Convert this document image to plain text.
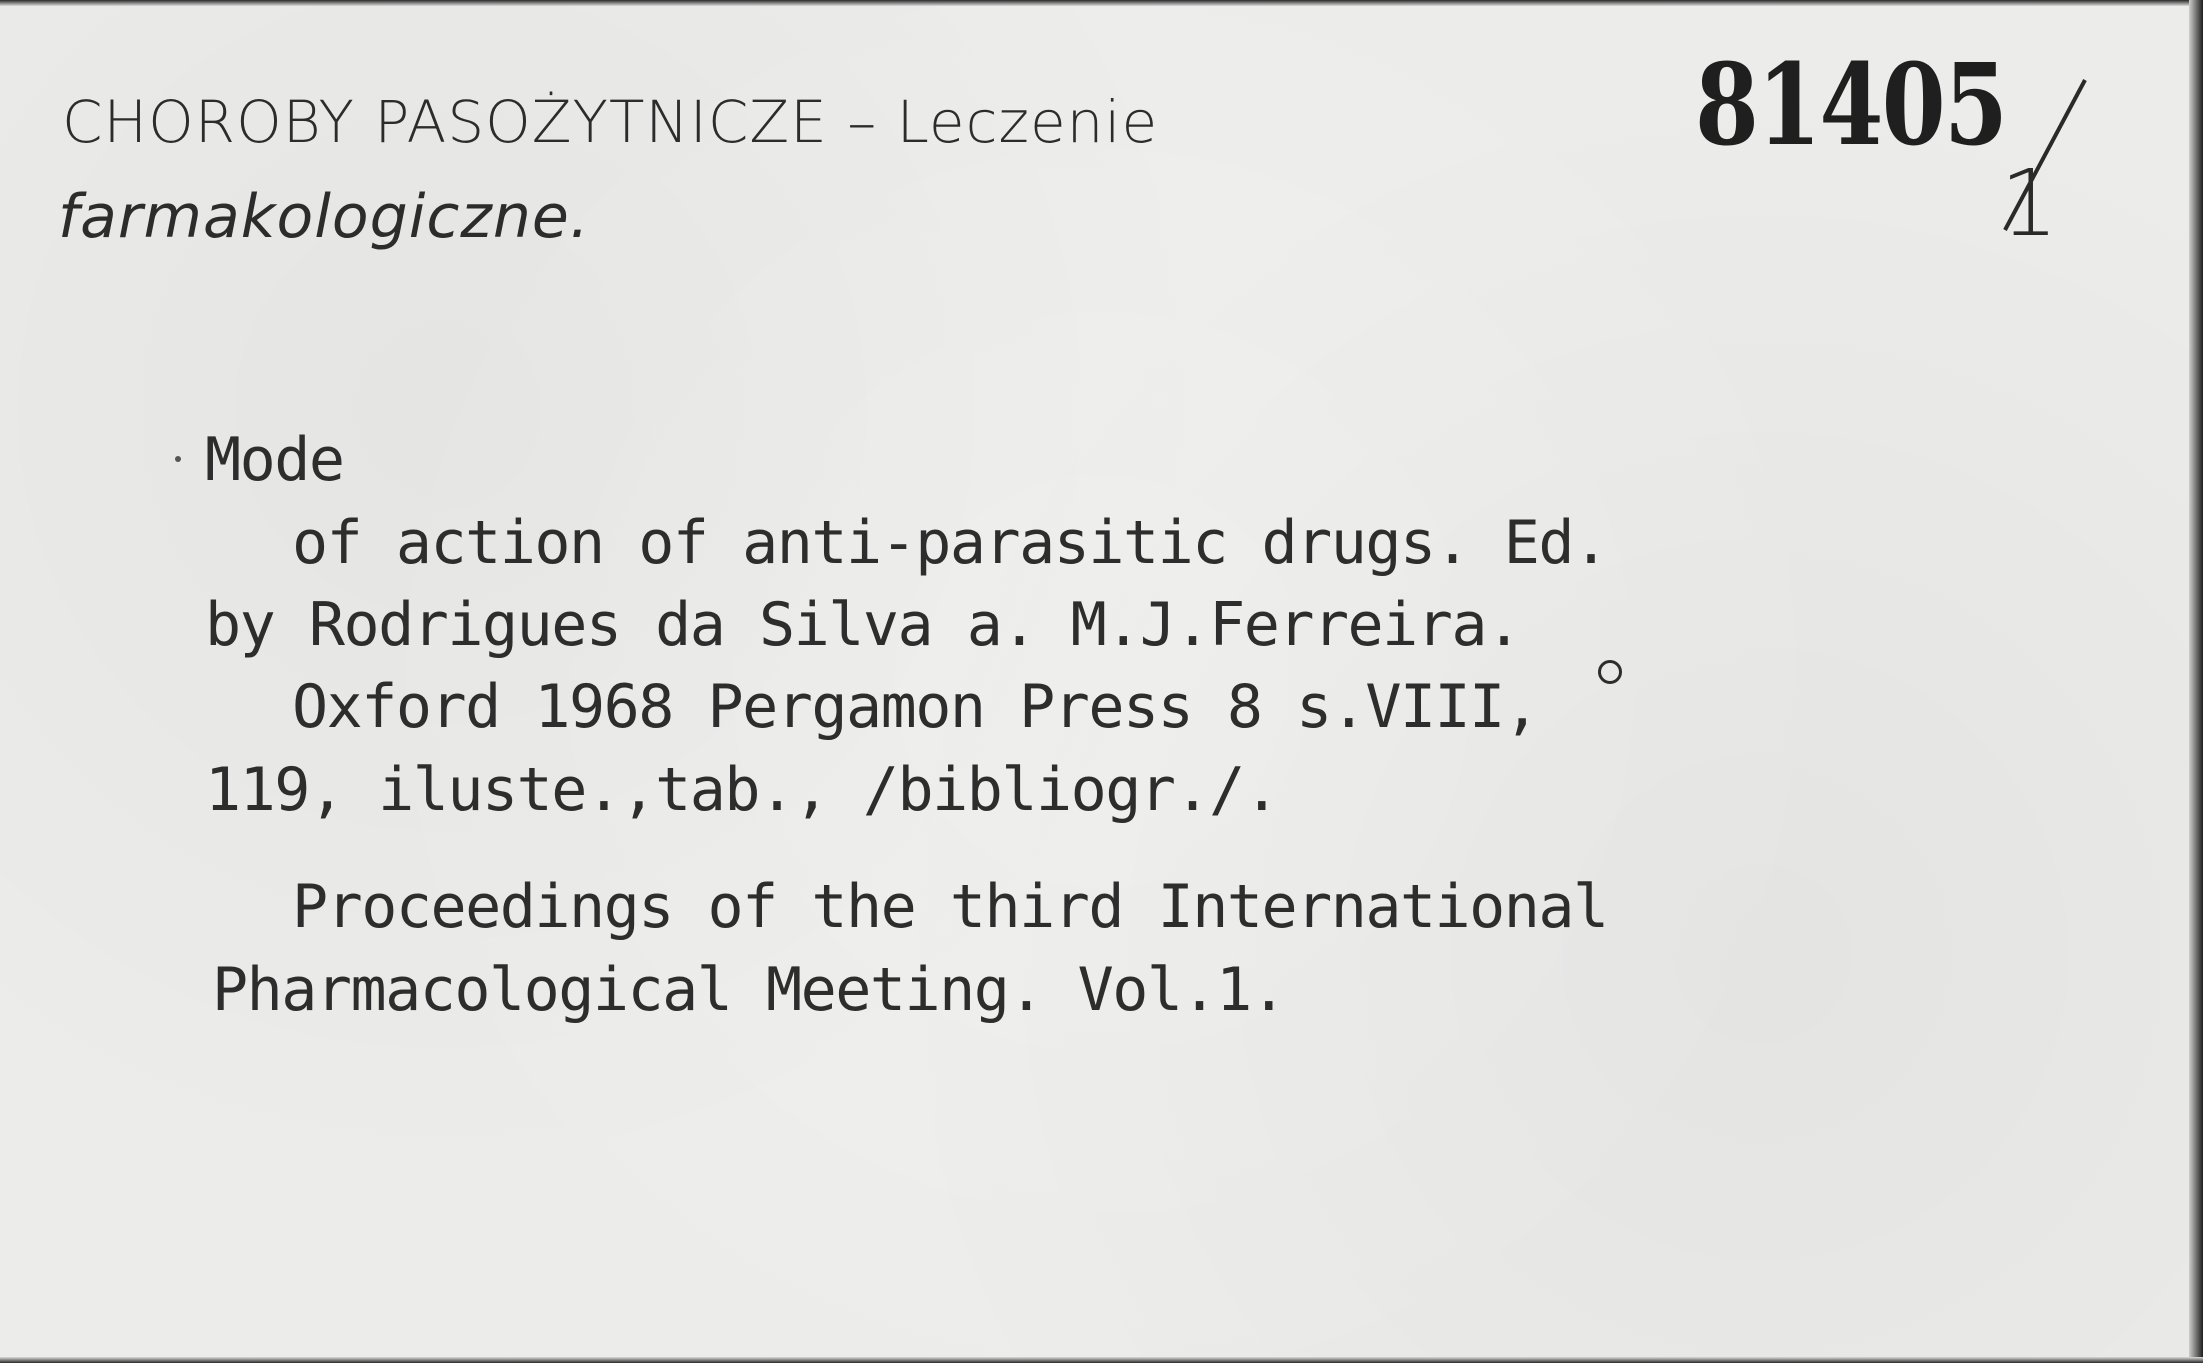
CHOROBY PASOŻYTNICZE – Leczenie
farmakologiczne.
81405
1
Mode
of action of anti-parasitic drugs. Ed.
by Rodrigues da Silva a. M.J.Ferreira.
Oxford 1968 Pergamon Press 8 s.VIII,
119, iluste.,tab., /bibliogr./.
Proceedings of the third International
Pharmacological Meeting. Vol.1.
